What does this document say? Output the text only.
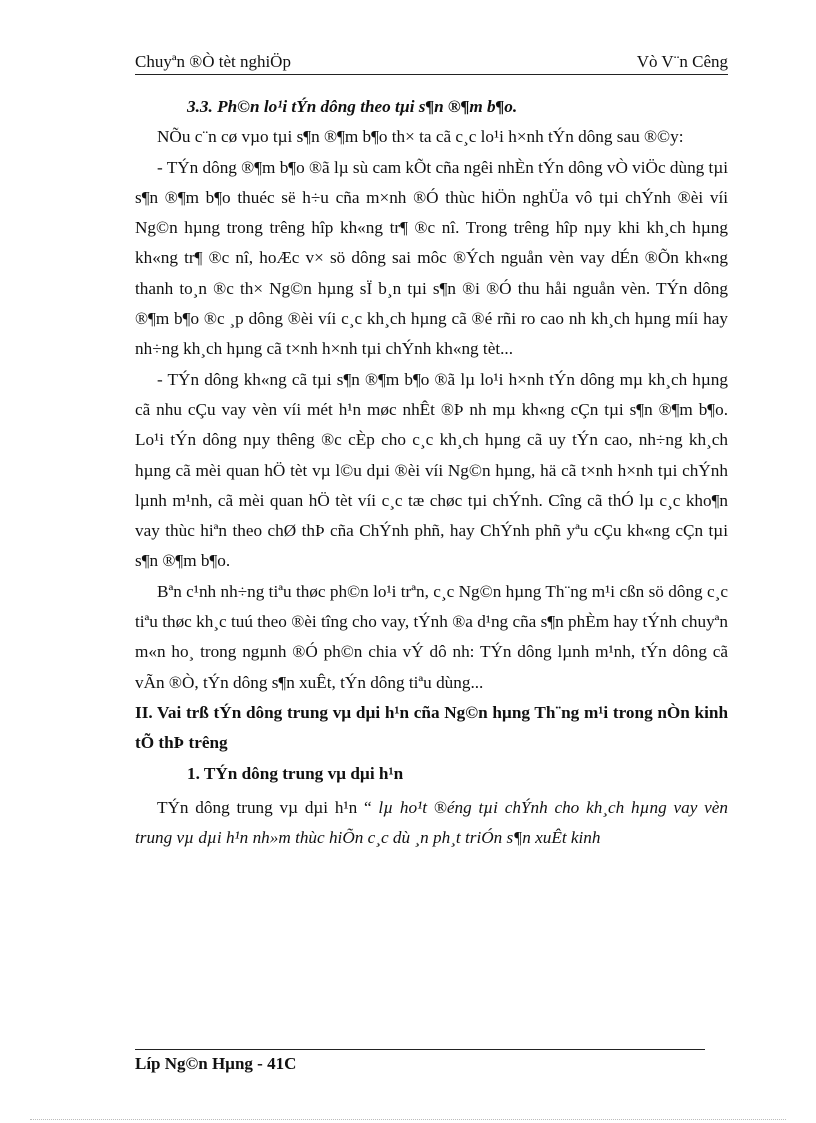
Chuyªn ®Ò tèt nghiÖp	Vò V¨n Cêng

3.3. Ph©n lo¹i tÝn dông theo tµi s¶n ®¶m b¶o.

NÕu c¨n cø vµo tµi s¶n ®¶m b¶o th× ta cã c¸c lo¹i h×nh tÝn dông sau ®©y:

- TÝn dông ®¶m b¶o ®ã lµ sù cam kÕt cña ngêi nhÈn tÝn dông vÒ viÖc dùng tµi s¶n ®¶m b¶o thuéc së h÷u cña m×nh ®Ó thùc hiÖn nghÜa vô tµi chÝnh ®èi víi Ng©n hµng trong trêng hîp kh«ng tr¶ ®c nî. Trong trêng hîp nµy khi kh¸ch hµng kh«ng tr¶ ®c nî, hoÆc v× sö dông sai môc ®Ých nguån vèn vay dÉn ®Õn kh«ng thanh to¸n ®c th× Ng©n hµng sÏ b¸n tµi s¶n ®i ®Ó thu håi nguån vèn. TÝn dông ®¶m b¶o ®c ¸p dông ®èi víi c¸c kh¸ch hµng cã ®é rñi ro cao nh kh¸ch hµng míi hay nh÷ng kh¸ch hµng cã t×nh h×nh tµi chÝnh kh«ng tèt...

- TÝn dông kh«ng cã tµi s¶n ®¶m b¶o ®ã lµ lo¹i h×nh tÝn dông mµ kh¸ch hµng cã nhu cÇu vay vèn víi mét h¹n møc nhÊt ®Þ nh mµ kh«ng cÇn tµi s¶n ®¶m b¶o. Lo¹i tÝn dông nµy thêng ®c cÈp cho c¸c kh¸ch hµng cã uy tÝn cao, nh÷ng kh¸ch hµng cã mèi quan hÖ tèt vµ l©u dµi ®èi víi Ng©n hµng, hä cã t×nh h×nh tµi chÝnh lµnh m¹nh, cã mèi quan hÖ tèt víi c¸c tæ chøc tµi chÝnh. Cîng cã thÓ lµ c¸c kho¶n vay thùc hiªn theo chØ thÞ cña ChÝnh phñ, hay ChÝnh phñ yªu cÇu kh«ng cÇn tµi s¶n ®¶m b¶o.

Bªn c¹nh nh÷ng tiªu thøc ph©n lo¹i trªn, c¸c Ng©n hµng Th¨ng m¹i cßn sö dông c¸c tiªu thøc kh¸c tuú theo ®èi tîng cho vay, tÝnh ®a d¹ng cña s¶n phÈm hay tÝnh chuyªn m«n ho¸ trong ngµnh ®Ó ph©n chia vÝ dô nh: TÝn dông lµnh m¹nh, tÝn dông cã vÃn ®Ò, tÝn dông s¶n xuÊt, tÝn dông tiªu dùng...

II. Vai trß tÝn dông trung vµ dµi h¹n cña Ng©n hµng Th¨ng m¹i trong nÒn kinh tÕ thÞ trêng

1. TÝn dông trung vµ dµi h¹n

TÝn dông trung vµ dµi h¹n “ lµ ho¹t ®éng tµi chÝnh cho kh¸ch hµng vay vèn trung vµ dµi h¹n nh»m thùc hiÕn c¸c dù ¸n ph¸t triÓn s¶n xuÊt kinh

Líp Ng©n Hµng - 41C
